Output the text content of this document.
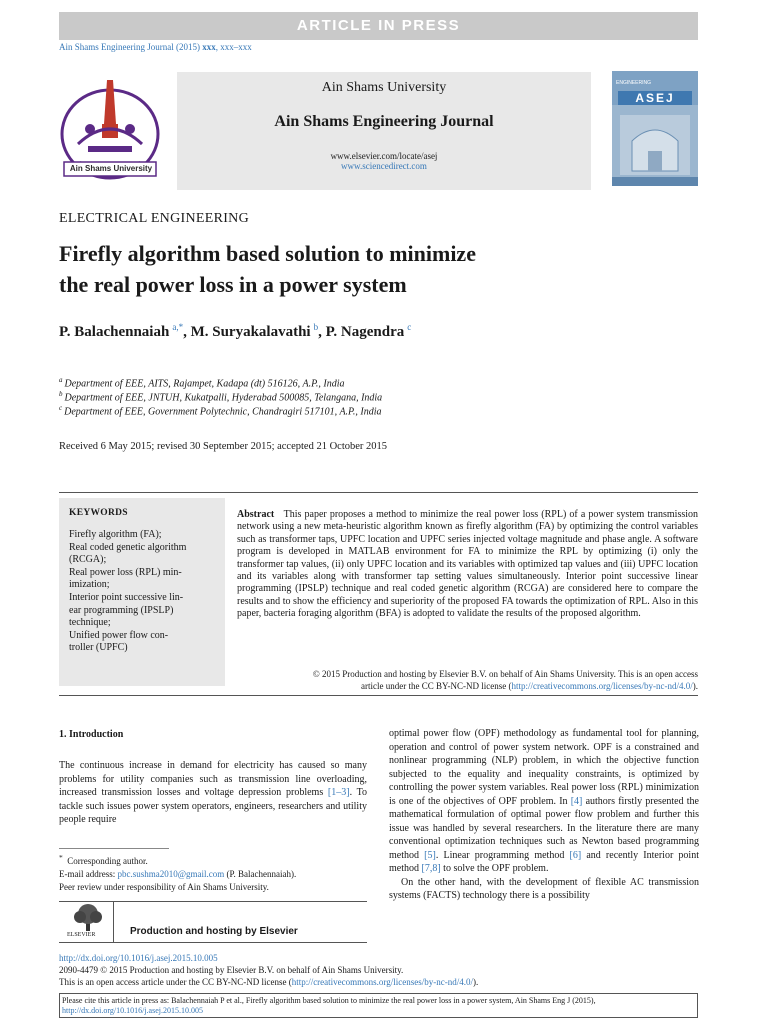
ARTICLE IN PRESS
Ain Shams Engineering Journal (2015) xxx, xxx–xxx
Ain Shams University
Ain Shams University
Ain Shams Engineering Journal
www.elsevier.com/locate/asej
www.sciencedirect.com
ENGINEERING
ASEJ
ELECTRICAL ENGINEERING
Firefly algorithm based solution to minimize
the real power loss in a power system
P. Balachennaiah  $^{a,*}$, M. Suryakalavathi  $^b$, P. Nagendra  $^c$
$^a$  Department of EEE, AITS, Rajampet, Kadapa (dt) 516126, A.P., India
$^b$  Department of EEE, JNTUH, Kukatpalli, Hyderabad 500085, Telangana, India
$^c$  Department of EEE, Government Polytechnic, Chandragiri 517101, A.P., India
Received 6 May 2015; revised 30 September 2015; accepted 21 October 2015
KEYWORDS
Firefly algorithm (FA);
Real coded genetic algorithm
(RCGA);
Real power loss (RPL) min-
imization;
Interior point successive lin-
ear programming (IPSLP)
technique;
Unified power flow con-
troller (UPFC)
Abstract This paper proposes a method to minimize the real power loss (RPL) of a power system transmission network using a new meta-heuristic algorithm known as firefly algorithm (FA) by optimizing the control variables such as transformer taps, UPFC location and UPFC series injected voltage magnitude and phase angle. A software program is developed in MATLAB environment for FA to minimize the RPL by optimizing (i) only the transformer tap values, (ii) only UPFC location and its variables with optimized tap values and (iii) UPFC location and its variables along with transformer tap setting values simultaneously. Interior point successive linear programming (IPSLP) technique and real coded genetic algorithm (RCGA) are considered here to compare the results and to show the efficiency and superiority of the proposed FA towards the optimization of RPL. Also in this paper, bacteria foraging algorithm (BFA) is adopted to validate the results of the proposed algorithm.
© 2015 Production and hosting by Elsevier B.V. on behalf of Ain Shams University. This is an open access
article under the CC BY-NC-ND license (http://creativecommons.org/licenses/by-nc-nd/4.0/).
1. Introduction
The continuous increase in demand for electricity has caused so many problems for utility companies such as transmission line overloading, increased transmission losses and voltage depression problems [1–3]. To tackle such issues power system operators, engineers, researchers and utility people require
optimal power flow (OPF) methodology as fundamental tool for planning, operation and control of power system network. OPF is a constrained and nonlinear programming (NLP) problem, in which the objective function subjected to the equality and inequality constraints, is optimized by controlling the power system variables. Real power loss (RPL) minimization is one of the objectives of OPF problem. In [4] authors firstly presented the mathematical formulation of optimal power flow problem and further this issue was handled by several researchers. In the literature there are many conventional optimization techniques such as Newton based programming method [5]. Linear programming method [6] and recently Interior point method [7,8] to solve the OPF problem.
On the other hand, with the development of flexible AC transmission systems (FACTS) technology there is a possibility
* Corresponding author.
E-mail address: pbc.sushma2010@gmail.com (P. Balachennaiah).
Peer review under responsibility of Ain Shams University.
ELSEVIER	Production and hosting by Elsevier
http://dx.doi.org/10.1016/j.asej.2015.10.005
2090-4479 © 2015 Production and hosting by Elsevier B.V. on behalf of Ain Shams University.
This is an open access article under the CC BY-NC-ND license (http://creativecommons.org/licenses/by-nc-nd/4.0/).
Please cite this article in press as: Balachennaiah P et al., Firefly algorithm based solution to minimize the real power loss in a power system, Ain Shams Eng J (2015),
http://dx.doi.org/10.1016/j.asej.2015.10.005
